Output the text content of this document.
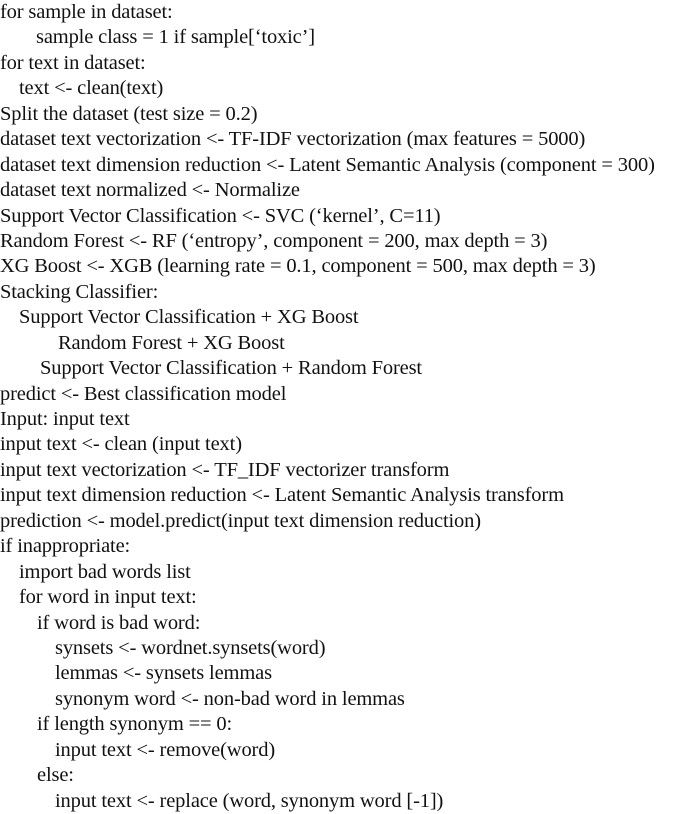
for sample in dataset:
sample class = 1 if sample[‘toxic’]
for text in dataset:
text <- clean(text)
Split the dataset (test size = 0.2)
dataset text vectorization <- TF-IDF vectorization (max features = 5000)
dataset text dimension reduction <- Latent Semantic Analysis (component = 300)
dataset text normalized <- Normalize
Support Vector Classification <- SVC (‘kernel’, C=11)
Random Forest <- RF (‘entropy’, component = 200, max depth = 3)
XG Boost <- XGB (learning rate = 0.1, component = 500, max depth = 3)
Stacking Classifier:
Support Vector Classification + XG Boost
Random Forest + XG Boost
Support Vector Classification + Random Forest
predict <- Best classification model
Input: input text
input text <- clean (input text)
input text vectorization <- TF_IDF vectorizer transform
input text dimension reduction <- Latent Semantic Analysis transform
prediction <- model.predict(input text dimension reduction)
if inappropriate:
import bad words list
for word in input text:
if word is bad word:
synsets <- wordnet.synsets(word)
lemmas <- synsets lemmas
synonym word <- non-bad word in lemmas
if length synonym == 0:
input text <- remove(word)
else:
input text <- replace (word, synonym word [-1])
